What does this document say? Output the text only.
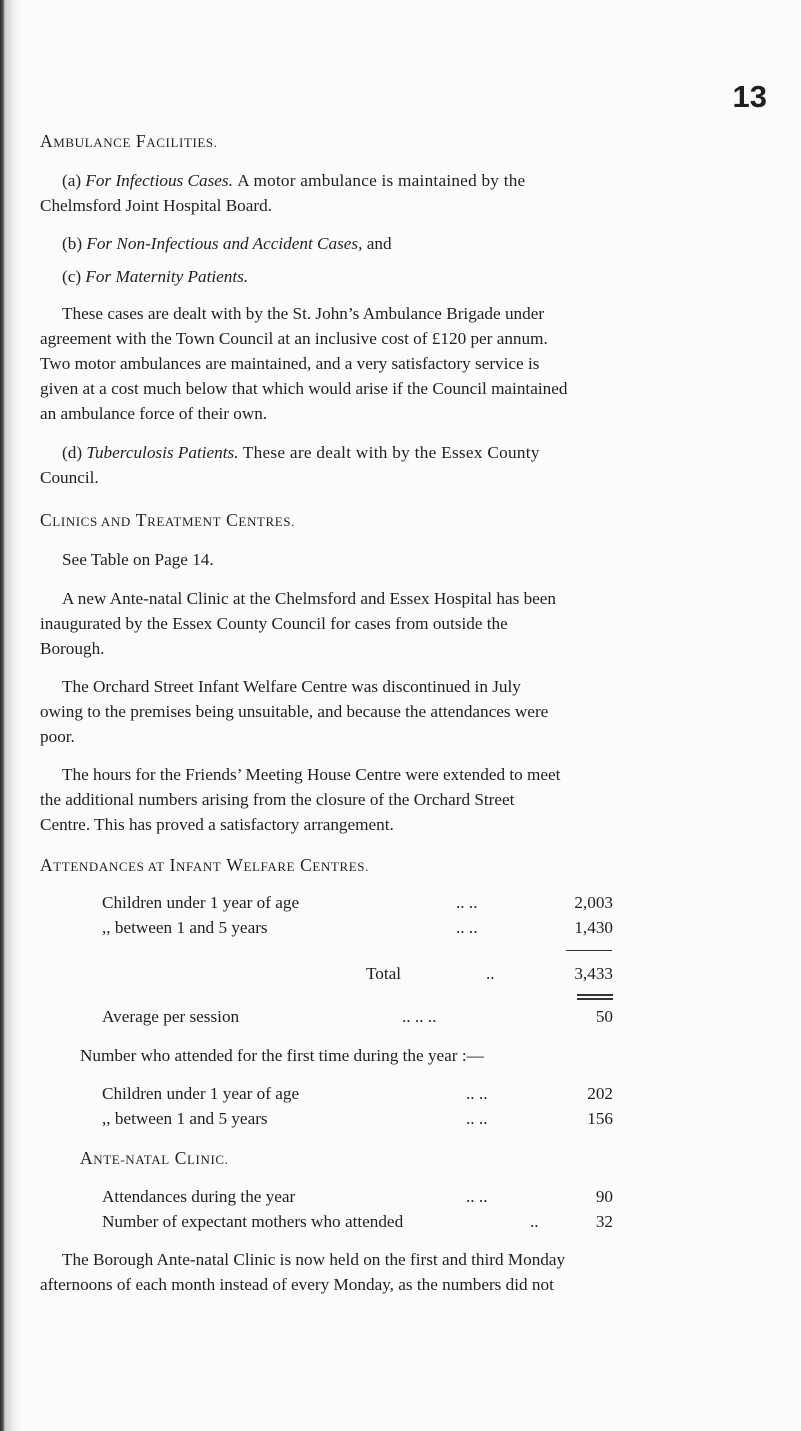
13
AMBULANCE FACILITIES.
(a) For Infectious Cases. A motor ambulance is maintained by the
Chelmsford Joint Hospital Board.
(b) For Non-Infectious and Accident Cases, and
(c) For Maternity Patients.
These cases are dealt with by the St. John’s Ambulance Brigade under
agreement with the Town Council at an inclusive cost of £120 per annum.
Two motor ambulances are maintained, and a very satisfactory service is
given at a cost much below that which would arise if the Council maintained
an ambulance force of their own.
(d) Tuberculosis Patients. These are dealt with by the Essex County
Council.
CLINICS AND TREATMENT CENTRES.
See Table on Page 14.
A new Ante-natal Clinic at the Chelmsford and Essex Hospital has been
inaugurated by the Essex County Council for cases from outside the
Borough.
The Orchard Street Infant Welfare Centre was discontinued in July
owing to the premises being unsuitable, and because the attendances were
poor.
The hours for the Friends’ Meeting House Centre were extended to meet
the additional numbers arising from the closure of the Orchard Street
Centre. This has proved a satisfactory arrangement.
ATTENDANCES AT INFANT WELFARE CENTRES.
Children under 1 year of age	.. ..	2,003
,, between 1 and 5 years	.. ..	1,430
Total	..	3,433
Average per session	.. .. ..	50
Number who attended for the first time during the year :—
Children under 1 year of age	.. ..	202
,, between 1 and 5 years	.. ..	156
ANTE-NATAL CLINIC.
Attendances during the year	.. ..	90
Number of expectant mothers who attended	..	32
The Borough Ante-natal Clinic is now held on the first and third Monday
afternoons of each month instead of every Monday, as the numbers did not
